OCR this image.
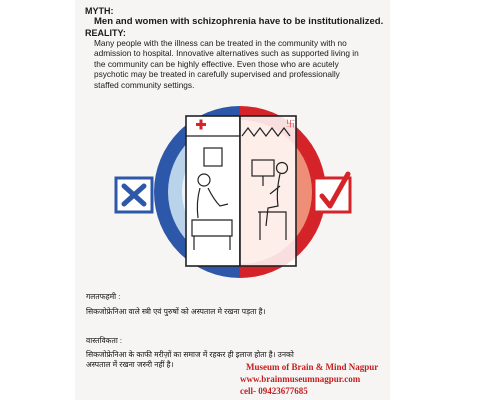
MYTH:
Men and women with schizophrenia have to be institutionalized.
REALITY:
Many people with the illness can be treated in the community with no
admission to hospital. Innovative alternatives such as supported living in
the community can be highly effective. Even those who are acutely
psychotic may be treated in carefully supervised and professionally
staffed community settings.
卐
गलतफहमी :
सिकजोफ्रेनिआ वाले स्त्री एवं पुरुषों को अस्पताल मे रखना पड़ता है।
वास्तविकता :
सिकजोफ्रेनिआ के काफी मरीज़ों का समाज में रहकर ही इलाज होता है। उनको
अस्पताल में रखना जरुरी नहीं है।	Museum of Brain & Mind Nagpur
www.brainmuseumnagpur.com
cell- 09423677685
